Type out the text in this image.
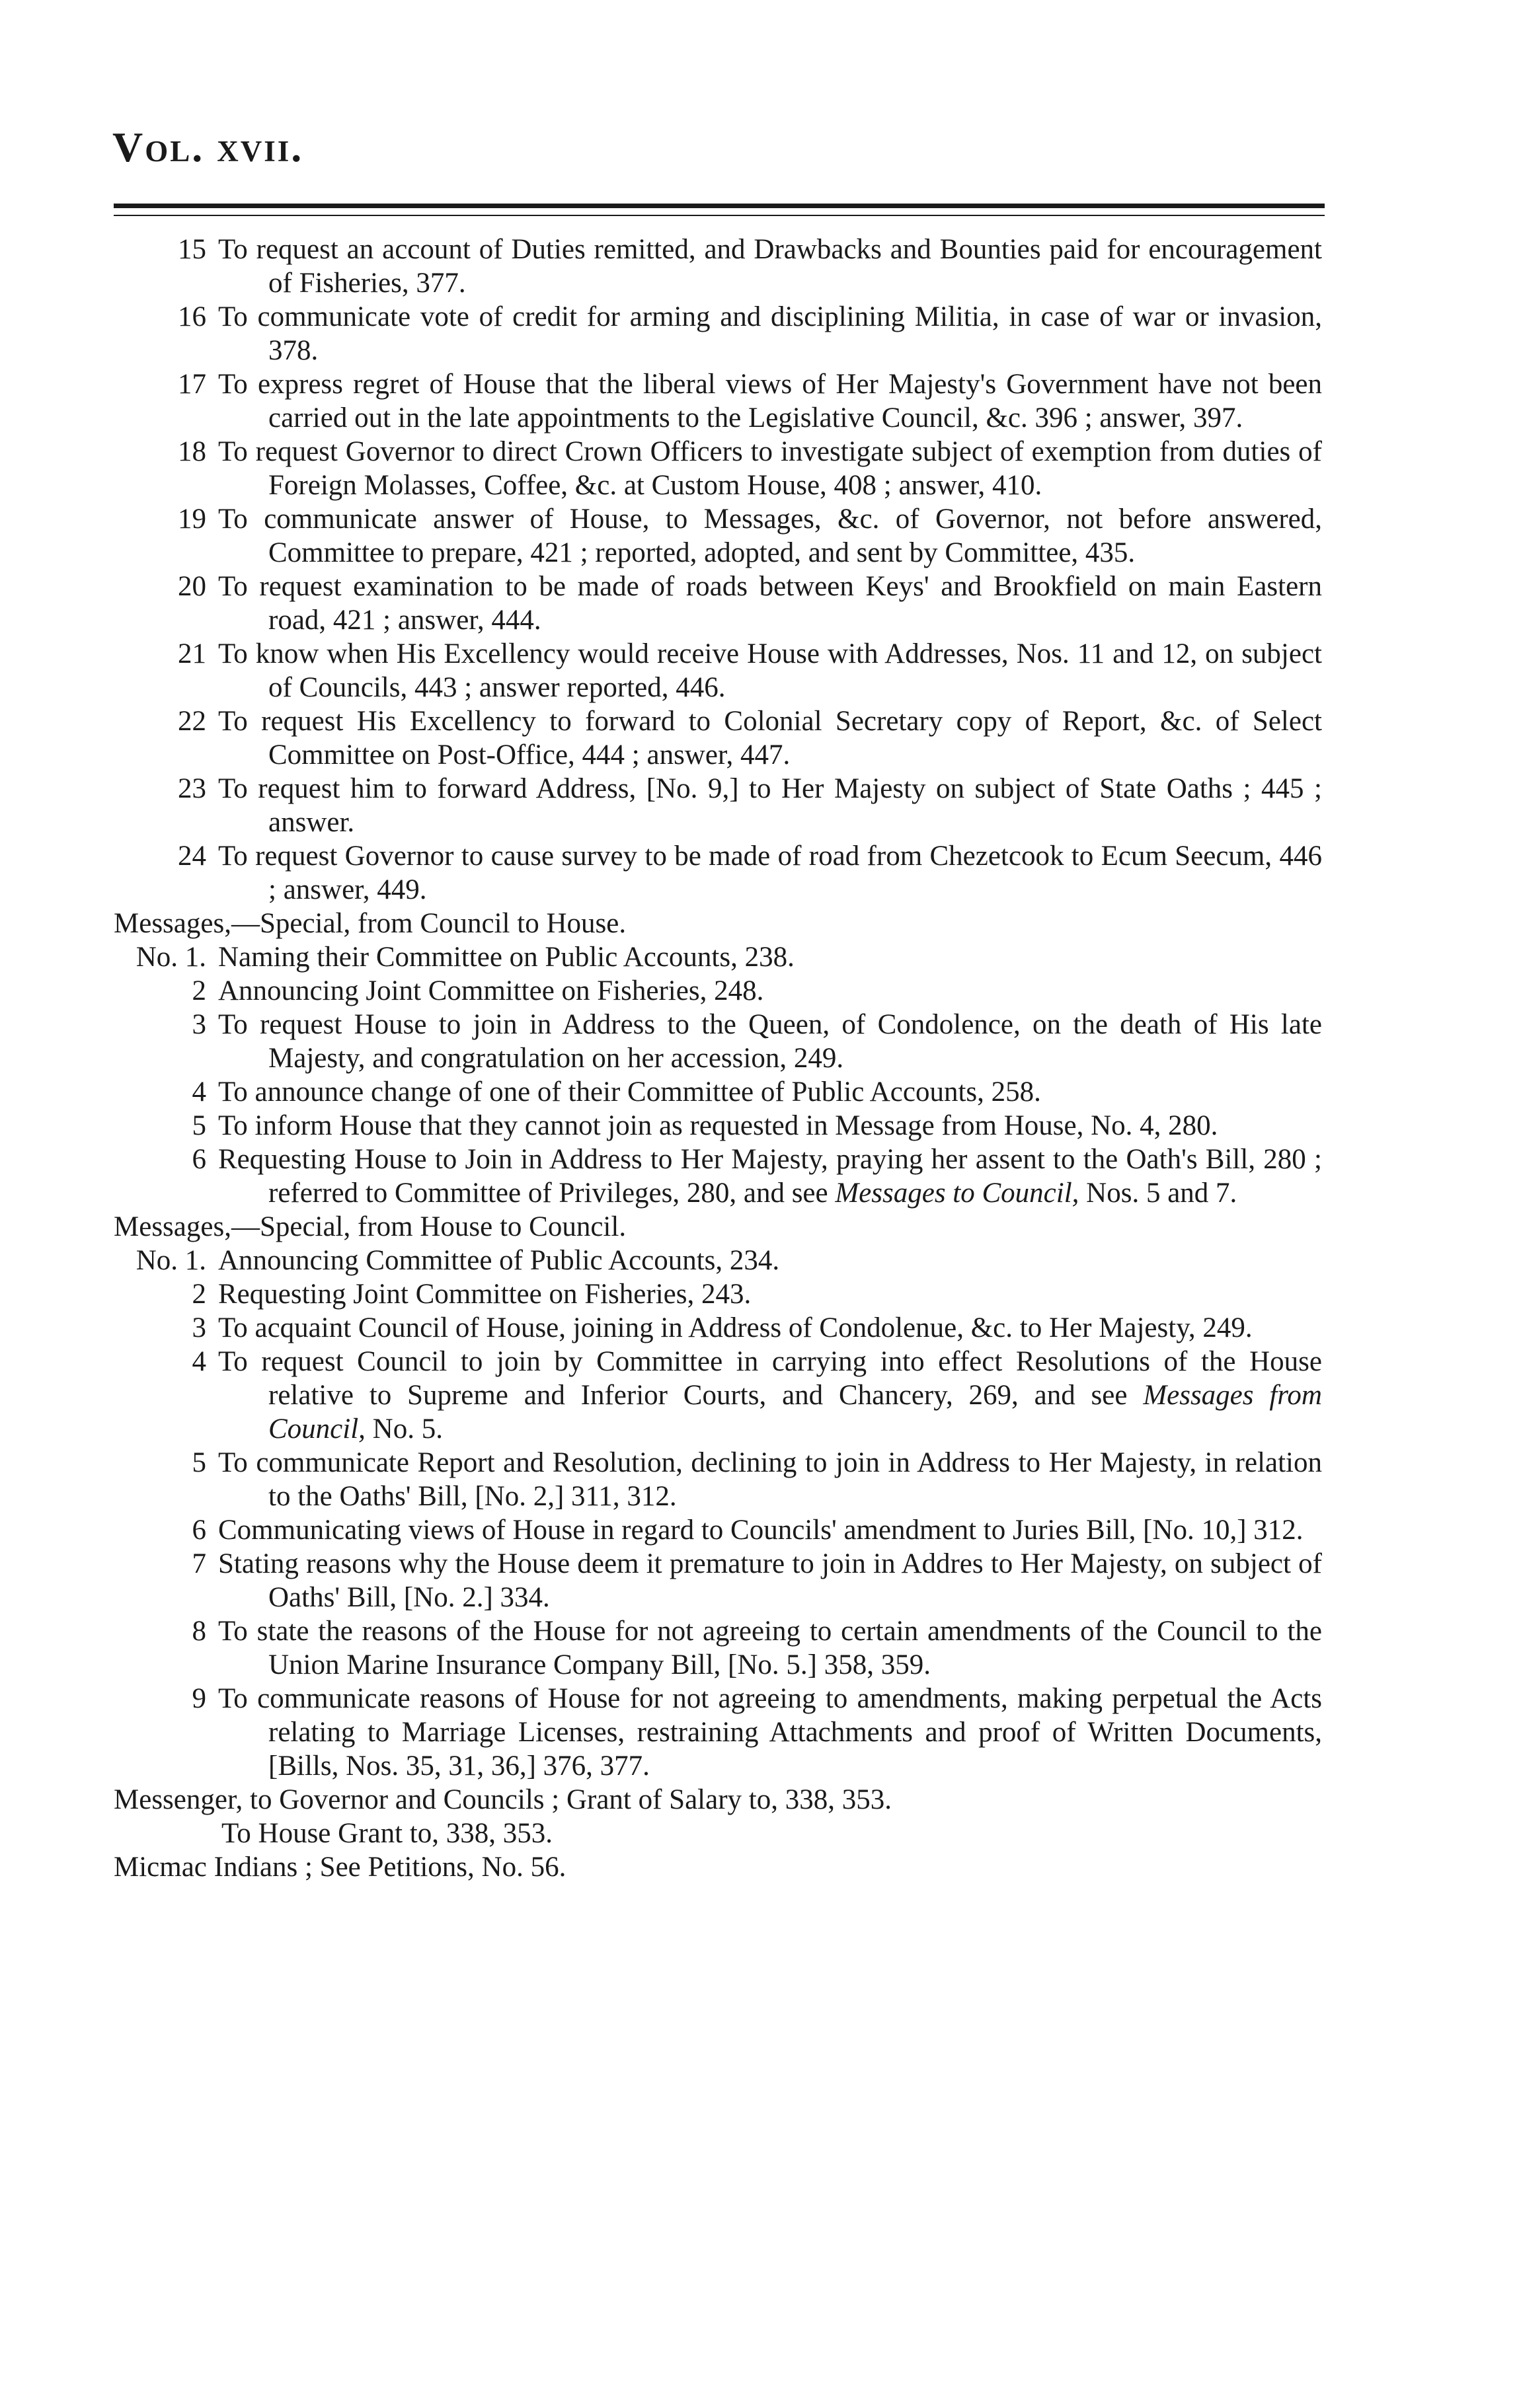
Vol. xvii.
15 To request an account of Duties remitted, and Drawbacks and Bounties paid for encouragement of Fisheries, 377.
16 To communicate vote of credit for arming and disciplining Militia, in case of war or invasion, 378.
17 To express regret of House that the liberal views of Her Majesty's Government have not been carried out in the late appointments to the Legislative Council, &c. 396 ; answer, 397.
18 To request Governor to direct Crown Officers to investigate subject of exemption from duties of Foreign Molasses, Coffee, &c. at Custom House, 408 ; answer, 410.
19 To communicate answer of House, to Messages, &c. of Governor, not before answered, Committee to prepare, 421 ; reported, adopted, and sent by Committee, 435.
20 To request examination to be made of roads between Keys' and Brookfield on main Eastern road, 421 ; answer, 444.
21 To know when His Excellency would receive House with Addresses, Nos. 11 and 12, on subject of Councils, 443 ; answer reported, 446.
22 To request His Excellency to forward to Colonial Secretary copy of Report, &c. of Select Committee on Post-Office, 444 ; answer, 447.
23 To request him to forward Address, [No. 9,] to Her Majesty on subject of State Oaths ; 445 ; answer.
24 To request Governor to cause survey to be made of road from Chezetcook to Ecum Seecum, 446 ; answer, 449.
Messages,—Special, from Council to House.
No. 1. Naming their Committee on Public Accounts, 238.
2 Announcing Joint Committee on Fisheries, 248.
3 To request House to join in Address to the Queen, of Condolence, on the death of His late Majesty, and congratulation on her accession, 249.
4 To announce change of one of their Committee of Public Accounts, 258.
5 To inform House that they cannot join as requested in Message from House, No. 4, 280.
6 Requesting House to Join in Address to Her Majesty, praying her assent to the Oath's Bill, 280 ; referred to Committee of Privileges, 280, and see Messages to Council, Nos. 5 and 7.
Messages,—Special, from House to Council.
No. 1. Announcing Committee of Public Accounts, 234.
2 Requesting Joint Committee on Fisheries, 243.
3 To acquaint Council of House, joining in Address of Condolenue, &c. to Her Majesty, 249.
4 To request Council to join by Committee in carrying into effect Resolutions of the House relative to Supreme and Inferior Courts, and Chancery, 269, and see Messages from Council, No. 5.
5 To communicate Report and Resolution, declining to join in Address to Her Majesty, in relation to the Oaths' Bill, [No. 2,] 311, 312.
6 Communicating views of House in regard to Councils' amendment to Juries Bill, [No. 10,] 312.
7 Stating reasons why the House deem it premature to join in Addres to Her Majesty, on subject of Oaths' Bill, [No. 2.] 334.
8 To state the reasons of the House for not agreeing to certain amendments of the Council to the Union Marine Insurance Company Bill, [No. 5.] 358, 359.
9 To communicate reasons of House for not agreeing to amendments, making perpetual the Acts relating to Marriage Licenses, restraining Attachments and proof of Written Documents, [Bills, Nos. 35, 31, 36,] 376, 377.
Messenger, to Governor and Councils ; Grant of Salary to, 338, 353.
To House Grant to, 338, 353.
Micmac Indians ; See Petitions, No. 56.
